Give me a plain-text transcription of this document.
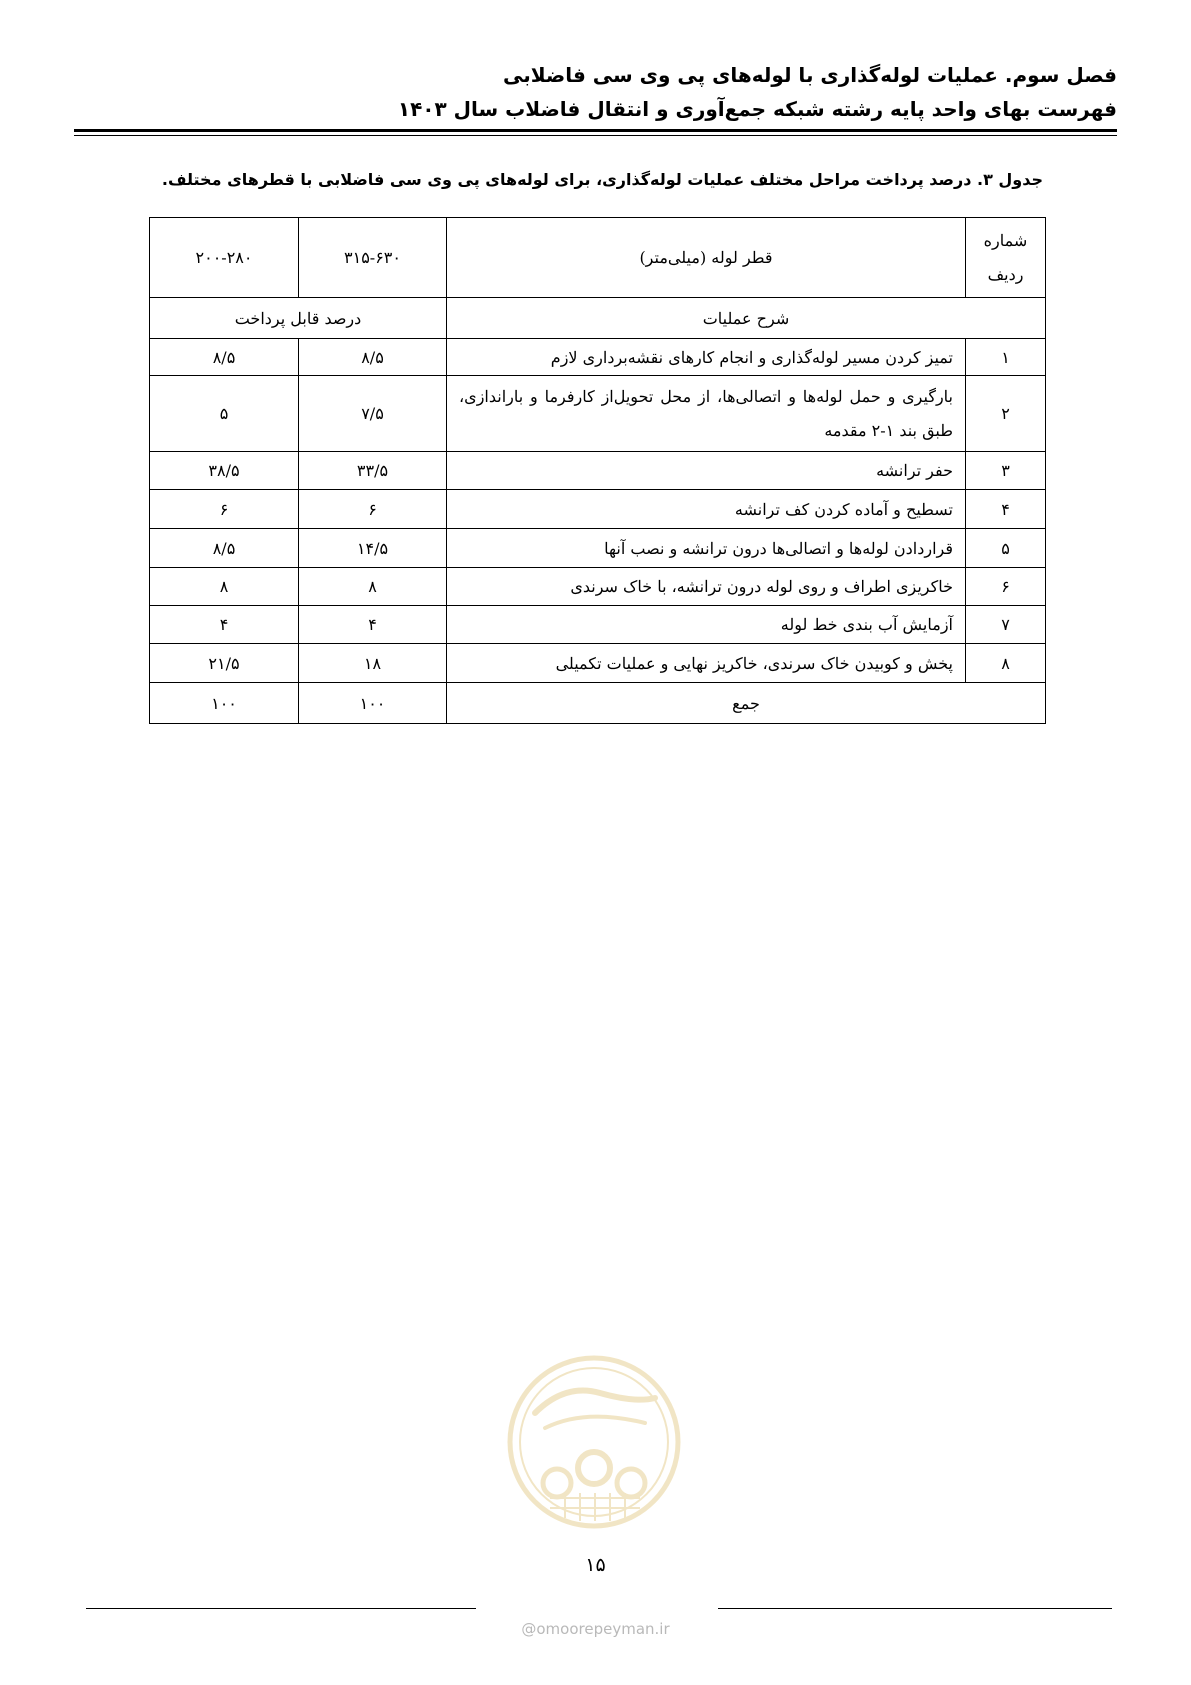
فصل سوم. عملیات لوله‌گذاری با لوله‌های پی وی سی فاضلابی
فهرست بهای واحد پایه رشته شبکه جمع‌آوری و انتقال فاضلاب سال ۱۴۰۳
جدول ۳. درصد پرداخت مراحل مختلف عملیات لوله‌گذاری، برای لوله‌های پی وی سی فاضلابی با قطرهای مختلف.
شماره ردیف	قطر لوله (میلی‌متر)	۳۱۵-۶۳۰	۲۰۰-۲۸۰
شرح عملیات		درصد قابل پرداخت	
۱	تمیز کردن مسیر لوله‌گذاری و انجام کارهای نقشه‌برداری لازم	۸/۵	۸/۵
۲	بارگیری و حمل لوله‌ها و اتصالی‌ها، از محل تحویل‌از کارفرما و باراندازی، طبق بند ۱-۲ مقدمه	۷/۵	۵
۳	حفر ترانشه	۳۳/۵	۳۸/۵
۴	تسطیح و آماده کردن کف ترانشه	۶	۶
۵	قراردادن لوله‌ها و اتصالی‌ها درون ترانشه و نصب آنها	۱۴/۵	۸/۵
۶	خاکریزی اطراف و روی لوله درون ترانشه، با خاک سرندی	۸	۸
۷	آزمایش آب بندی خط لوله	۴	۴
۸	پخش و کوبیدن خاک سرندی، خاکریز نهایی و عملیات تکمیلی	۱۸	۲۱/۵
جمع		۱۰۰	۱۰۰
۱۵
@omoorepeyman.ir
